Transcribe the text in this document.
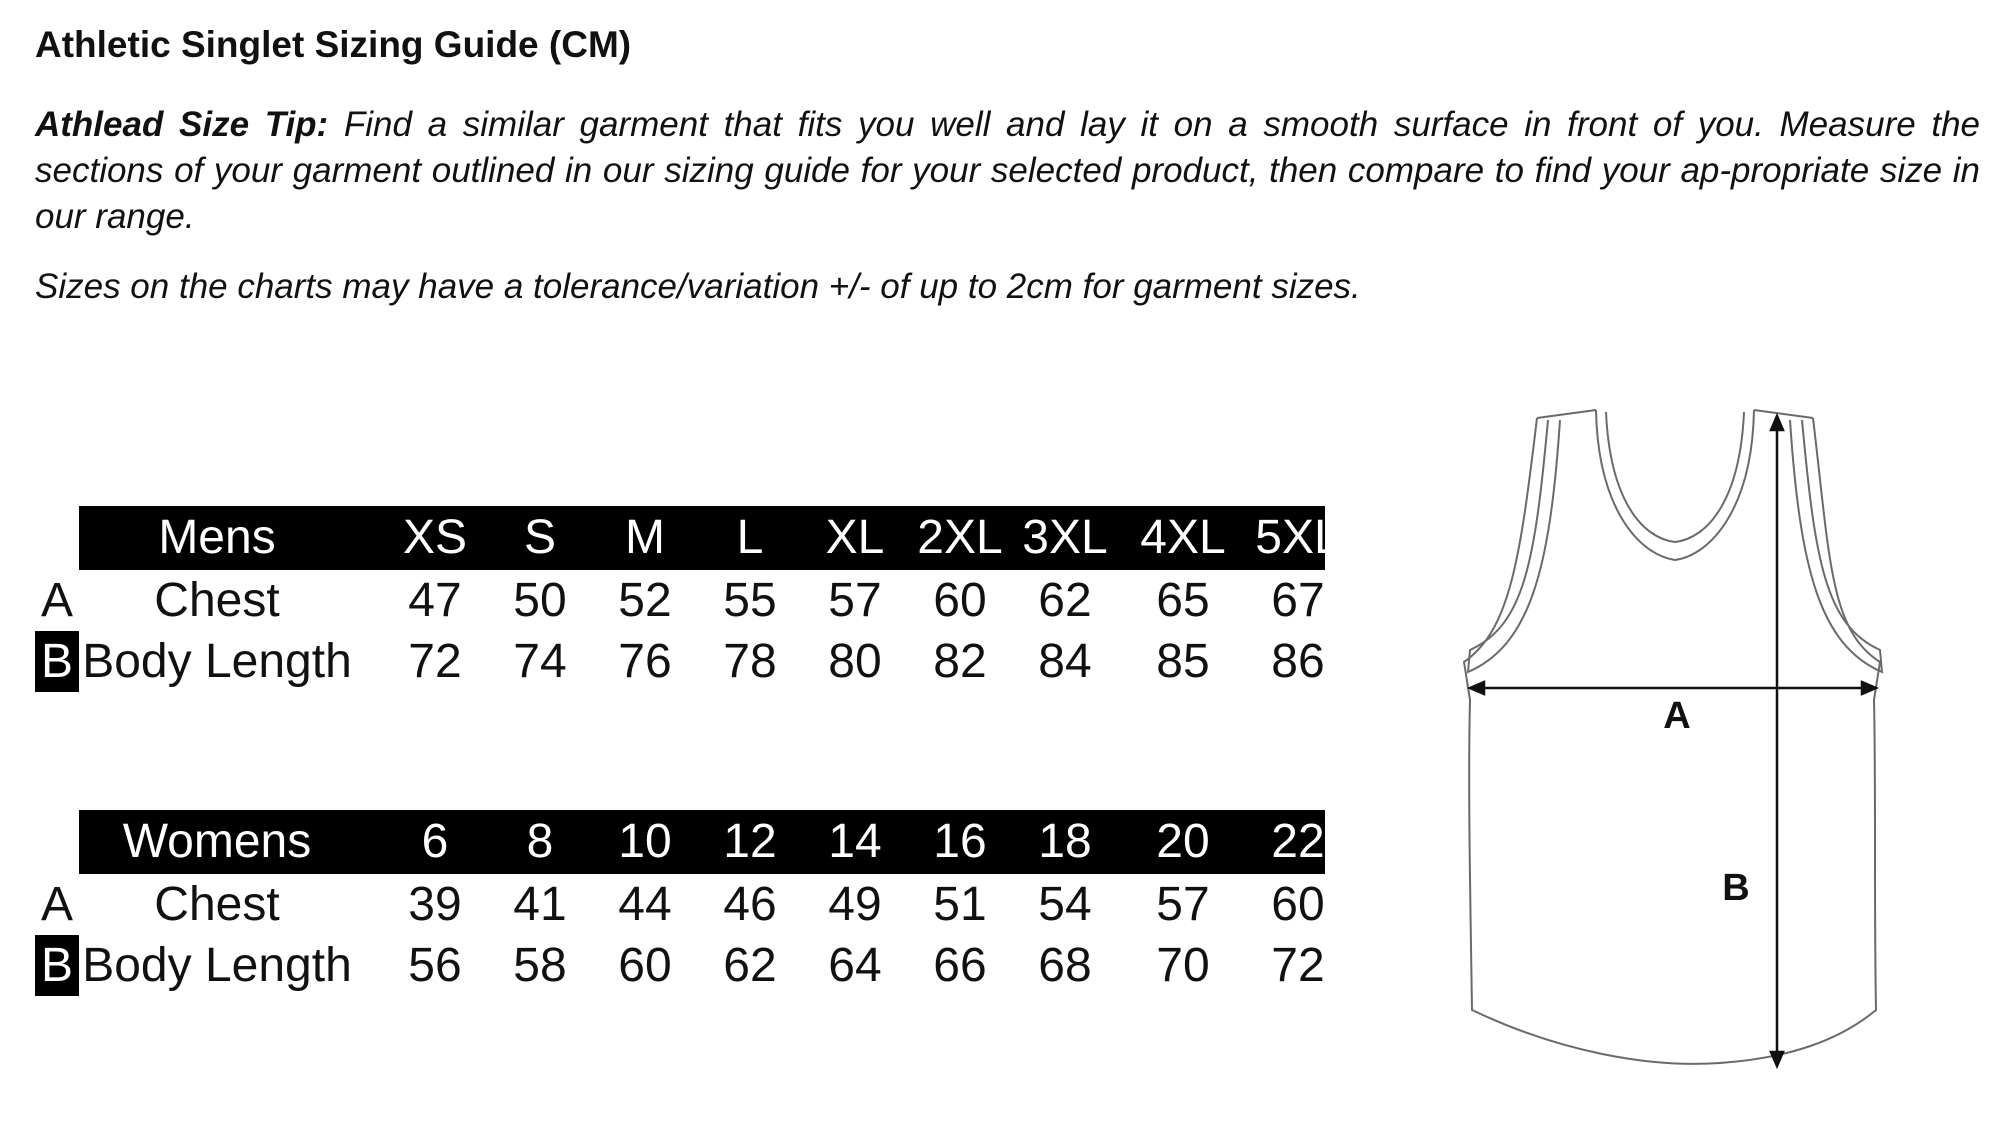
Athletic Singlet Sizing Guide (CM)

Athlead Size Tip: Find a similar garment that fits you well and lay it on a smooth surface in front of you. Measure the sections of your garment outlined in our sizing guide for your selected product, then compare to find your ap-propriate size in our range.

Sizes on the charts may have a tolerance/variation +/- of up to 2cm for garment sizes.

Mens	XS	S	M	L	XL 2XL 3XL 4XL 5XL
A	Chest	47	50	52	55	57	60	62	65	67
B Body Length	72	74	76	78	80	82	84	85	86
Womens	6	8	10	12	14	16	18	20	22
A	Chest	39	41	44	46	49	51	54	57	60
B Body Length	56	58	60	62	64	66	68	70	72
A
B
